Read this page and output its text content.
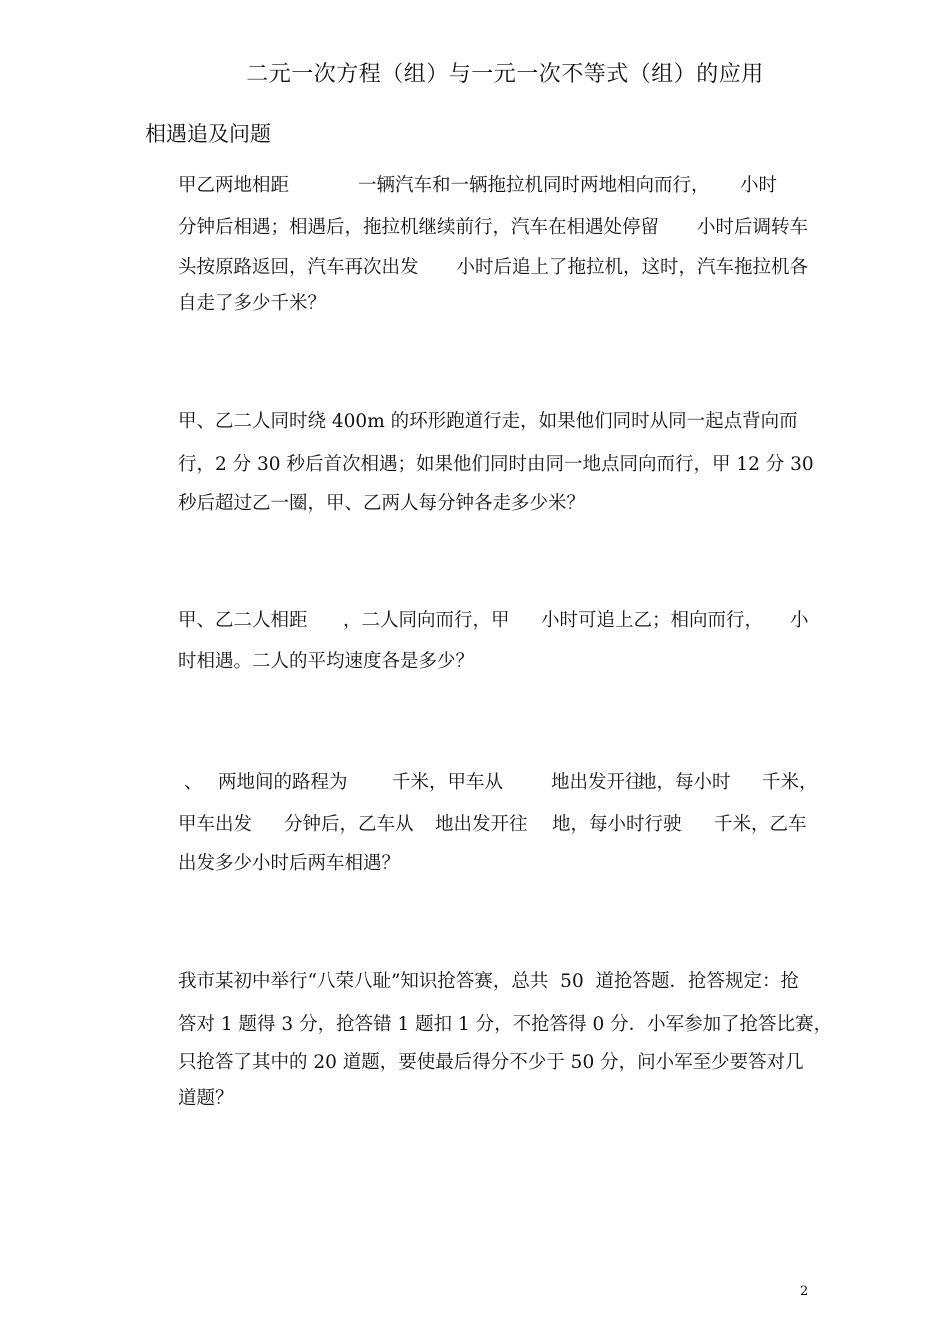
二元一次方程（组）与一元一次不等式（组）的应用
相遇追及问题
甲乙两地相距	一辆汽车和一辆拖拉机同时两地相向而行， 小时
分钟后相遇；相遇后，拖拉机继续前行，汽车在相遇处停留 小时后调转车
头按原路返回，汽车再次出发 小时后追上了拖拉机，这时，汽车拖拉机各
自走了多少千米？
甲、乙二人同时绕 400m 的环形跑道行走，如果他们同时从同一起点背向而
行，2 分 30 秒后首次相遇；如果他们同时由同一地点同向而行，甲 12 分 30
秒后超过乙一圈，甲、乙两人每分钟各走多少米？
甲、乙二人相距 ，二人同向而行，甲 小时可追上乙；相向而行， 小
时相遇。二人的平均速度各是多少？
、 两地间的路程为 千米，甲车从	地出发开往
地，每小时 千米，
甲车出发 分钟后，乙车从 地出发开往 地，每小时行驶 千米，乙车
出发多少小时后两车相遇？
我市某初中举行“八荣八耻”知识抢答赛，总共  50  道抢答题．抢答规定：抢
答对 1 题得 3 分，抢答错 1 题扣 1 分，不抢答得 0 分．小军参加了抢答比赛，
只抢答了其中的 20 道题，要使最后得分不少于 50 分，问小军至少要答对几
道题？
2
